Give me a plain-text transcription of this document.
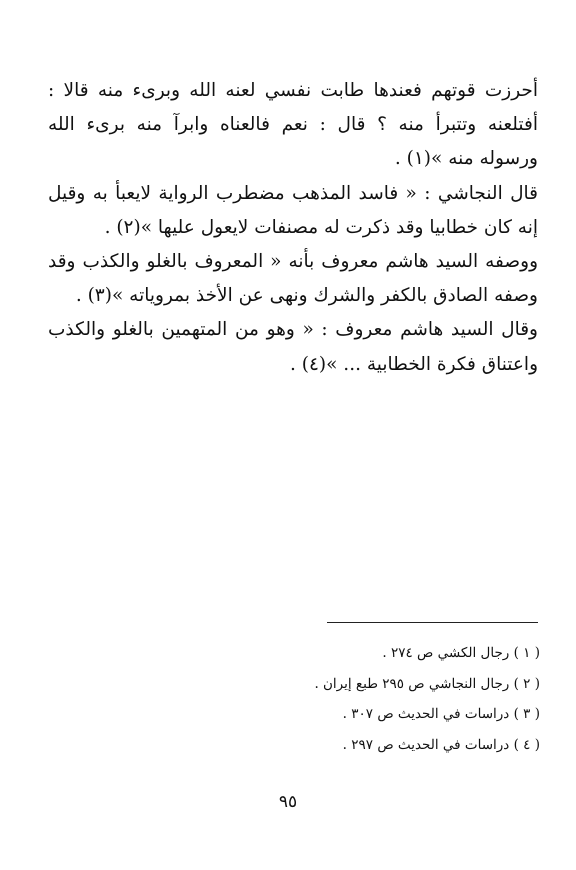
أحرزت قوتهم فعندها طابت نفسي لعنه الله وبرىء منه قالا : أفتلعنه وتتبرأ منه ؟ قال : نعم فالعناه وابرآ منه برىء الله ورسوله منه »(١) .

قال النجاشي : « فاسد المذهب مضطرب الرواية لايعبأ به وقيل إنه كان خطابيا وقد ذكرت له مصنفات لايعول عليها »(٢) .

ووصفه السيد هاشم معروف بأنه « المعروف بالغلو والكذب وقد وصفه الصادق بالكفر والشرك ونهى عن الأخذ بمروياته »(٣) .

وقال السيد هاشم معروف : « وهو من المتهمين بالغلو والكذب واعتناق فكرة الخطابية ... »(٤) .

( ١ ) رجال الكشي ص ٢٧٤ .

( ٢ ) رجال النجاشي ص ٢٩٥ طبع إيران .

( ٣ ) دراسات في الحديث ص ٣٠٧ .

( ٤ ) دراسات في الحديث ص ٢٩٧ .

٩٥
